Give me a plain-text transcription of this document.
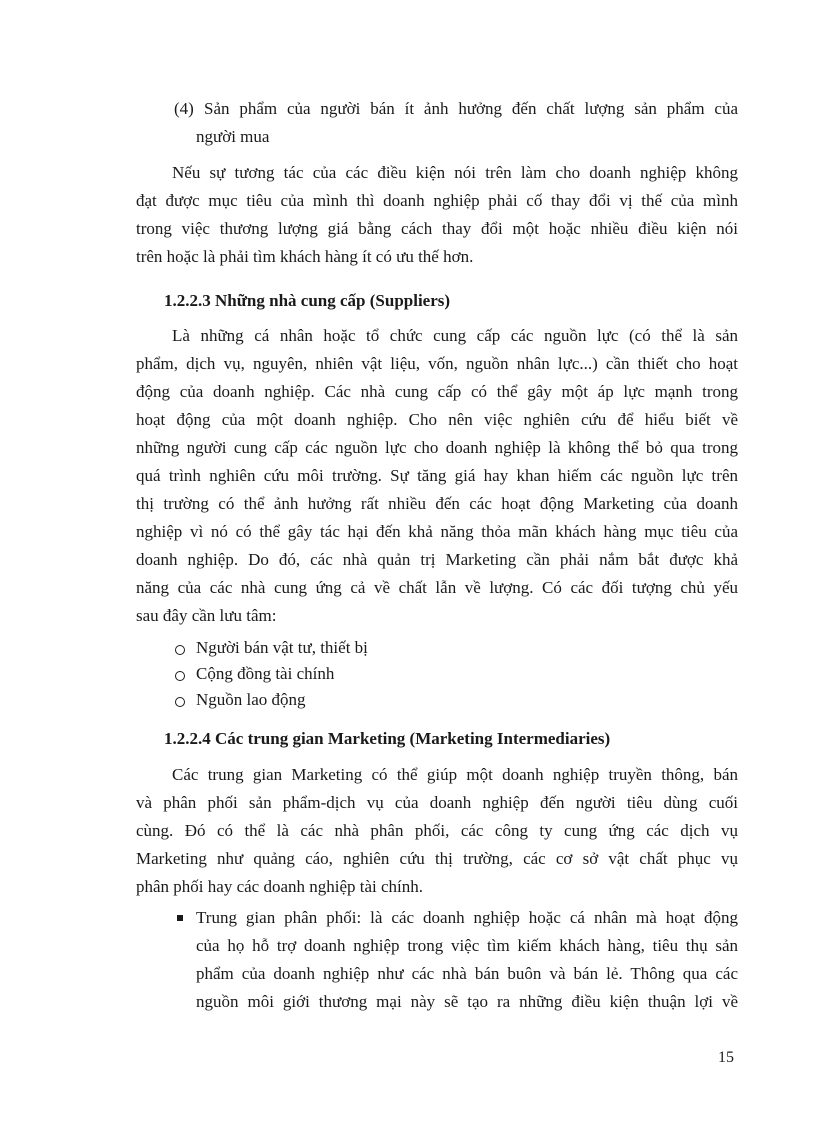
(4) Sản phẩm của người bán ít ảnh hưởng đến chất lượng sản phẩm của
người mua
Nếu sự tương tác của các điều kiện nói trên làm cho doanh nghiệp không
đạt được mục tiêu của mình thì doanh nghiệp phải cố thay đổi vị thế của mình
trong việc thương lượng giá bằng cách thay đổi một hoặc nhiều điều kiện nói
trên hoặc là phải tìm khách hàng ít có ưu thế hơn.
1.2.2.3 Những nhà cung cấp (Suppliers)
Là những cá nhân hoặc tổ chức cung cấp các nguồn lực (có thể là sản
phẩm, dịch vụ, nguyên, nhiên vật liệu, vốn, nguồn nhân lực...) cần thiết cho hoạt
động của doanh nghiệp. Các nhà cung cấp có thể gây một áp lực mạnh trong
hoạt động của một doanh nghiệp. Cho nên việc nghiên cứu để hiểu biết về
những người cung cấp các nguồn lực cho doanh nghiệp là không thể bỏ qua trong
quá trình nghiên cứu môi trường. Sự tăng giá hay khan hiếm các nguồn lực trên
thị trường có thể ảnh hưởng rất nhiều đến các hoạt động Marketing của doanh
nghiệp vì nó có thể gây tác hại đến khả năng thỏa mãn khách hàng mục tiêu của
doanh nghiệp. Do đó, các nhà quản trị Marketing cần phải nắm bắt được khả
năng của các nhà cung ứng cả về chất lẫn về lượng. Có các đối tượng chủ yếu
sau đây cần lưu tâm:
Người bán vật tư, thiết bị
Cộng đồng tài chính
Nguồn lao động
1.2.2.4 Các trung gian Marketing (Marketing Intermediaries)
Các trung gian Marketing có thể giúp một doanh nghiệp truyền thông, bán
và phân phối sản phẩm-dịch vụ của doanh nghiệp đến người tiêu dùng cuối
cùng. Đó có thể là các nhà phân phối, các công ty cung ứng các dịch vụ
Marketing như quảng cáo, nghiên cứu thị trường, các cơ sở vật chất phục vụ
phân phối hay các doanh nghiệp tài chính.
Trung gian phân phối: là các doanh nghiệp hoặc cá nhân mà hoạt động
của họ hỗ trợ doanh nghiệp trong việc tìm kiếm khách hàng, tiêu thụ sản
phẩm của doanh nghiệp như các nhà bán buôn và bán lẻ. Thông qua các
nguồn môi giới thương mại này sẽ tạo ra những điều kiện thuận lợi về
15
